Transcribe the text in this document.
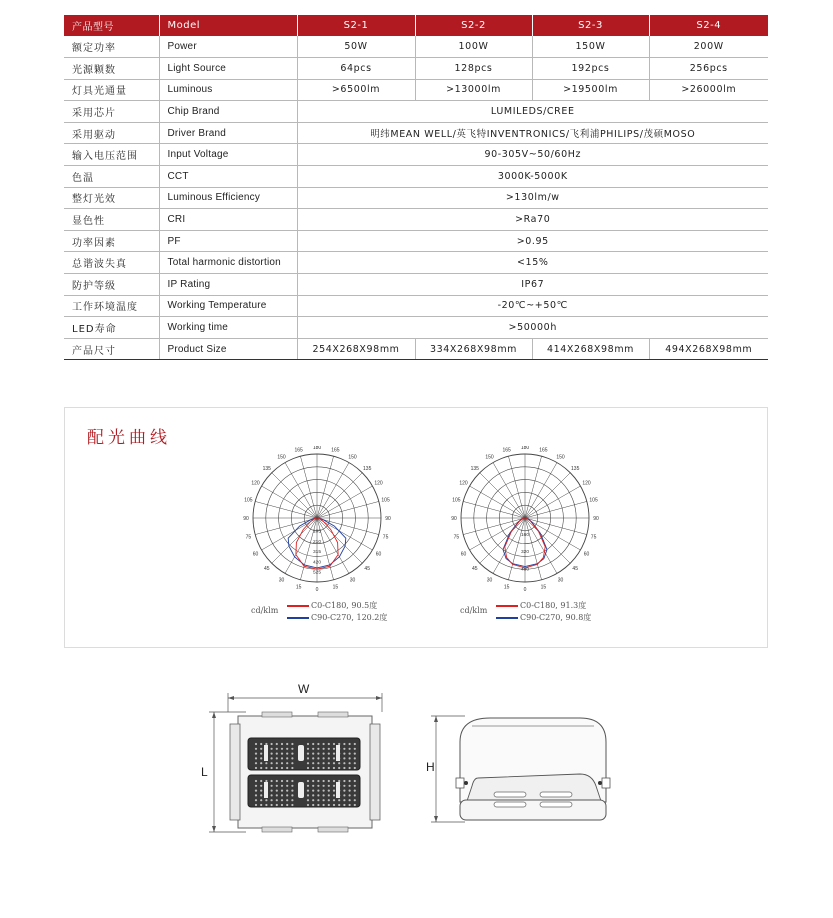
产品型号	Model	S2-1	S2-2	S2-3	S2-4
额定功率	Power	50W	100W	150W	200W
光源颗数	Light Source	64pcs	128pcs	192pcs	256pcs
灯具光通量	Luminous	>6500lm	>13000lm	>19500lm	>26000lm
采用芯片	Chip Brand	LUMILEDS/CREE			
采用驱动	Driver Brand	明纬MEAN WELL/英飞特INVENTRONICS/飞利浦PHILIPS/茂硕MOSO			
输入电压范围	Input Voltage	90-305V~50/60Hz			
色温	CCT	3000K-5000K			
整灯光效	Luminous Efficiency	>130lm/w			
显色性	CRI	>Ra70			
功率因素	PF	>0.95			
总谐波失真	Total harmonic distortion	<15%			
防护等级	IP Rating	IP67			
工作环境温度	Working Temperature	-20℃~+50℃			
LED寿命	Working time	>50000h			
产品尺寸	Product Size	254X268X98mm	334X268X98mm	414X268X98mm	494X268X98mm
配光曲线	180 165
165
150
150
135
135
120
120
105
105
90
90
75
75
60
60
45
45
30
30
15
15	0
105
210
315
420
525
180 165
165
150
150
135
135
120
120
105
105
90
90
75
75
60
60
45
45
30
30
15
15	0
160
320
480
cd/klm
C0-C180, 90.5度
C90-C270, 120.2度
cd/klm
C0-C180, 91.3度
C90-C270, 90.8度
W
L	H
